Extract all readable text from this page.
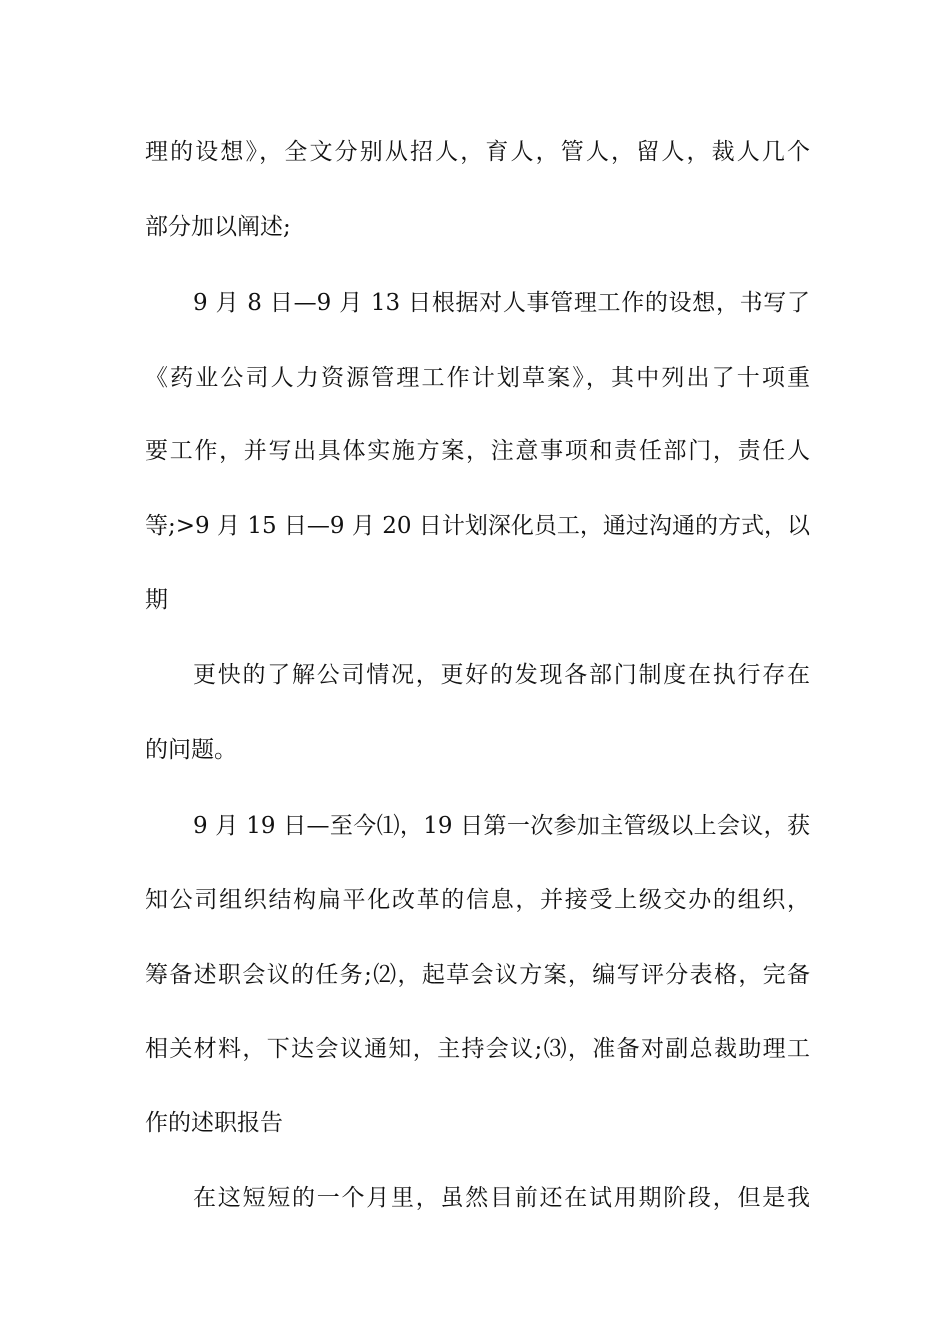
理的设想》，全文分别从招人，育人，管人，留人，裁人几个
部分加以阐述;
9 月 8 日—9 月 13 日根据对人事管理工作的设想，书写了
《药业公司人力资源管理工作计划草案》，其中列出了十项重
要工作，并写出具体实施方案，注意事项和责任部门，责任人
等;>9 月 15 日—9 月 20 日计划深化员工，通过沟通的方式，以
期
更快的了解公司情况，更好的发现各部门制度在执行存在
的问题。
9 月 19 日—至今⑴，19 日第一次参加主管级以上会议，获
知公司组织结构扁平化改革的信息，并接受上级交办的组织，
筹备述职会议的任务;⑵，起草会议方案，编写评分表格，完备
相关材料，下达会议通知，主持会议;⑶，准备对副总裁助理工
作的述职报告
在这短短的一个月里，虽然目前还在试用期阶段，但是我
